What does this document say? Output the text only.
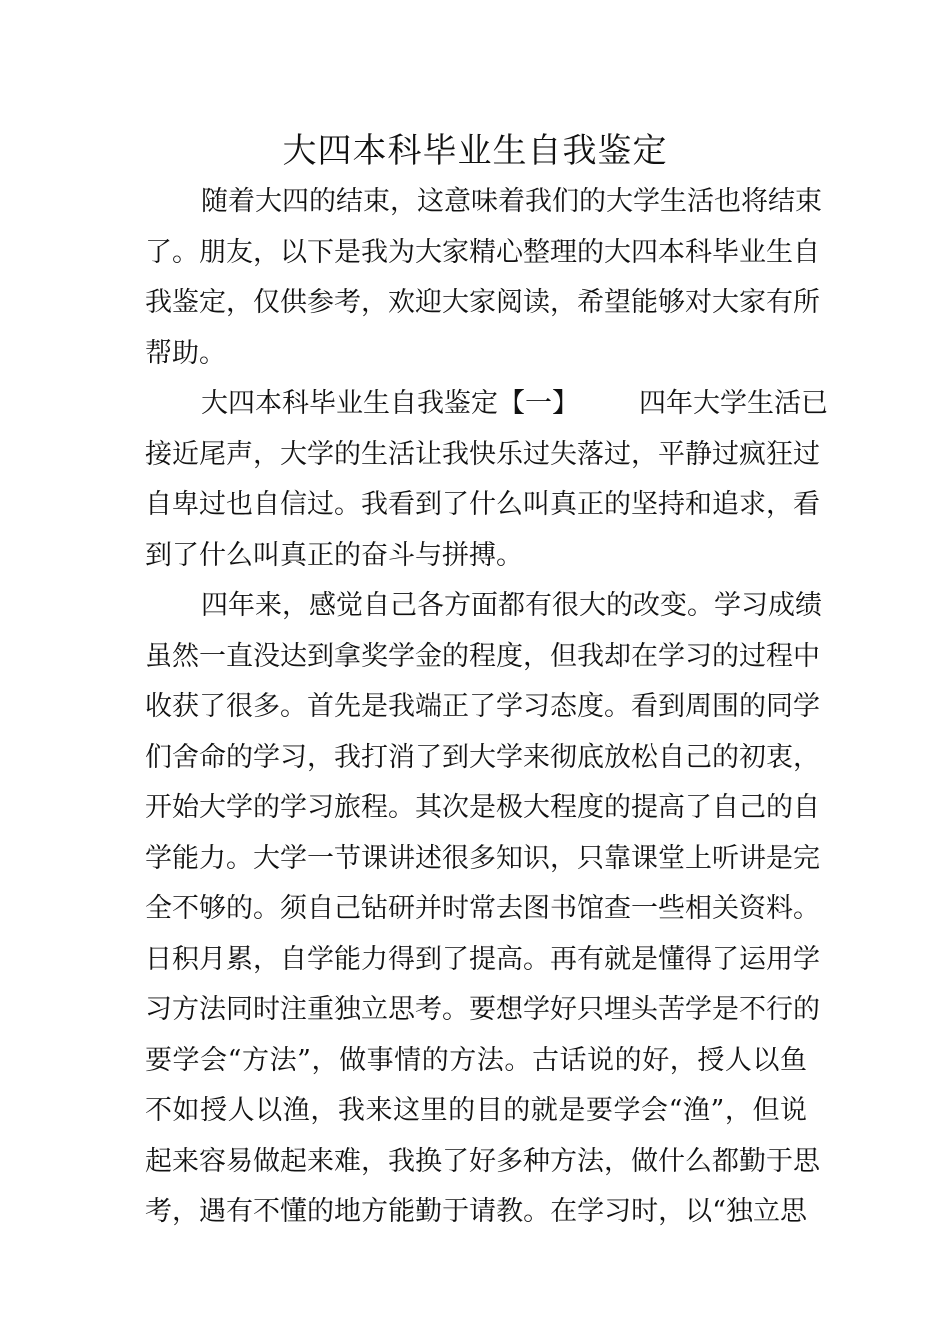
大四本科毕业生自我鉴定
随着大四的结束，这意味着我们的大学生活也将结束
了。朋友，以下是我为大家精心整理的大四本科毕业生自
我鉴定，仅供参考，欢迎大家阅读，希望能够对大家有所
帮助。
大四本科毕业生自我鉴定【一】 四年大学生活已
接近尾声，大学的生活让我快乐过失落过，平静过疯狂过
自卑过也自信过。我看到了什么叫真正的坚持和追求，看
到了什么叫真正的奋斗与拼搏。
四年来，感觉自己各方面都有很大的改变。学习成绩
虽然一直没达到拿奖学金的程度，但我却在学习的过程中
收获了很多。首先是我端正了学习态度。看到周围的同学
们舍命的学习，我打消了到大学来彻底放松自己的初衷，
开始大学的学习旅程。其次是极大程度的提高了自己的自
学能力。大学一节课讲述很多知识，只靠课堂上听讲是完
全不够的。须自己钻研并时常去图书馆查一些相关资料。
日积月累，自学能力得到了提高。再有就是懂得了运用学
习方法同时注重独立思考。要想学好只埋头苦学是不行的
要学会“方法”，做事情的方法。古话说的好，授人以鱼
不如授人以渔，我来这里的目的就是要学会“渔”，但说
起来容易做起来难，我换了好多种方法，做什么都勤于思
考，遇有不懂的地方能勤于请教。在学习时，以“独立思
